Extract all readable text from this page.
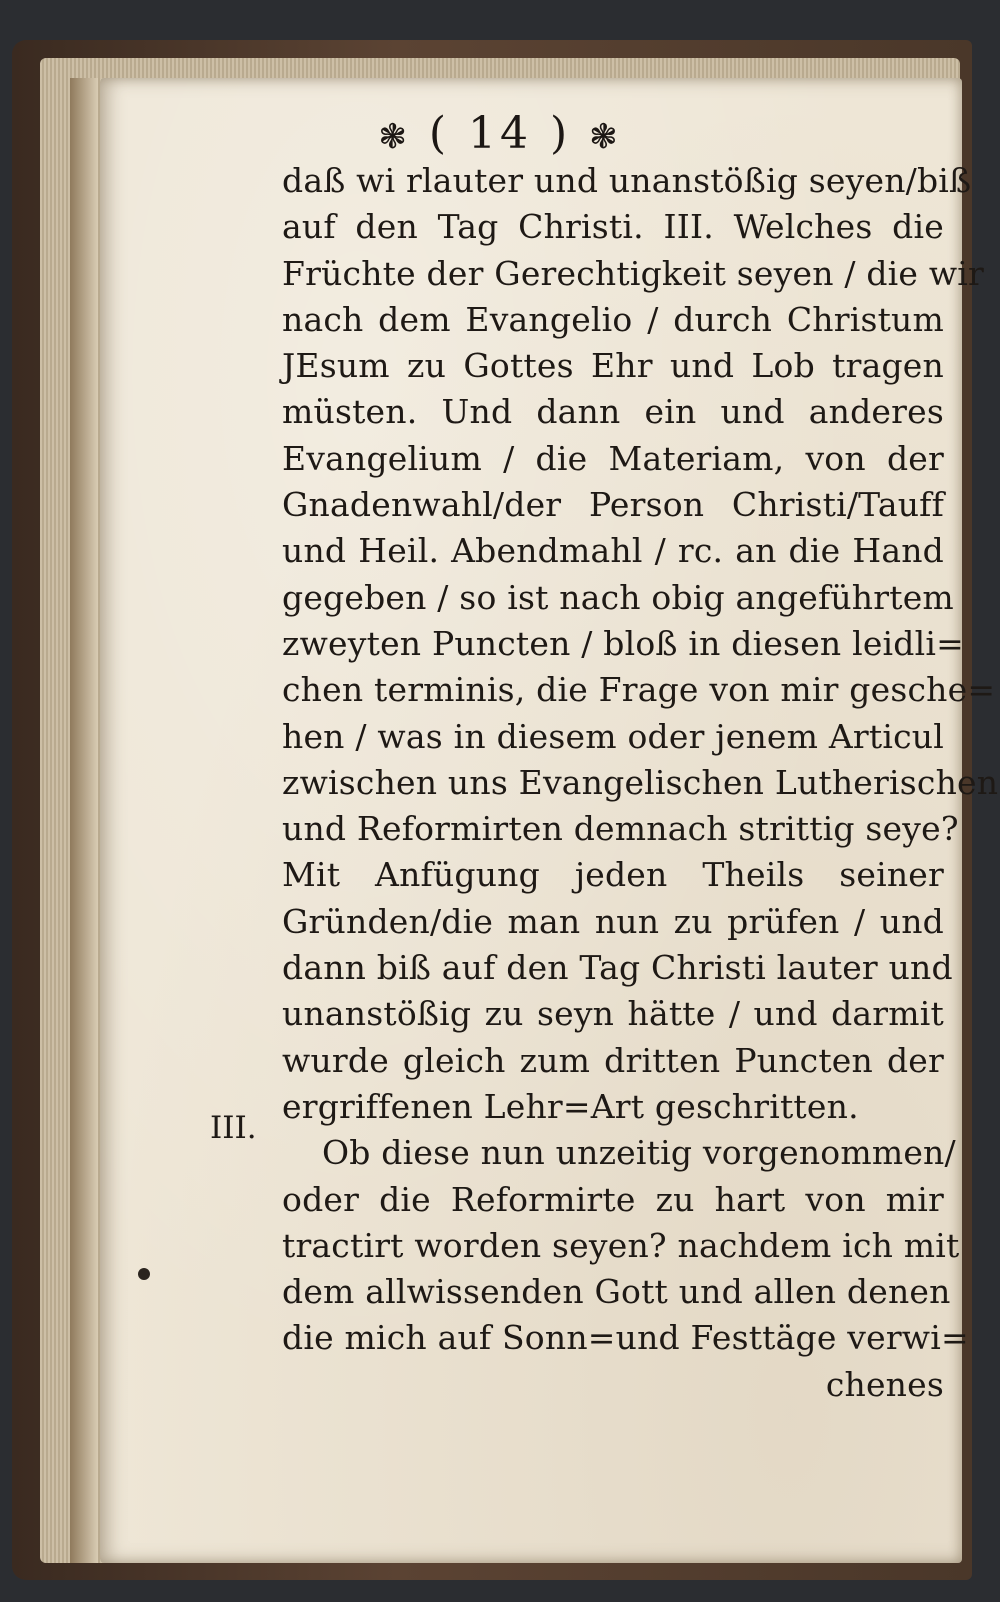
❃ ( 14 ) ❃
III.
daß wi rlauter und unanstößig seyen/biß
auf den Tag Christi. III. Welches die
Früchte der Gerechtigkeit seyen / die wir
nach dem Evangelio / durch Christum
JEsum zu Gottes Ehr und Lob tragen
müsten. Und dann ein und anderes
Evangelium / die Materiam, von der
Gnadenwahl/der Person Christi/Tauff
und Heil. Abendmahl / rc. an die Hand
gegeben / so ist nach obig angeführtem
zweyten Puncten / bloß in diesen leidli=
chen terminis, die Frage von mir gesche=
hen / was in diesem oder jenem Articul
zwischen uns Evangelischen Lutherischen
und Reformirten demnach strittig seye?
Mit Anfügung jeden Theils seiner
Gründen/die man nun zu prüfen / und
dann biß auf den Tag Christi lauter und
unanstößig zu seyn hätte / und darmit
wurde gleich zum dritten Puncten der
ergriffenen Lehr=Art geschritten.
Ob diese nun unzeitig vorgenommen/
oder die Reformirte zu hart von mir
tractirt worden seyen? nachdem ich mit
dem allwissenden Gott und allen denen
die mich auf Sonn=und Festtäge verwi=
chenes
